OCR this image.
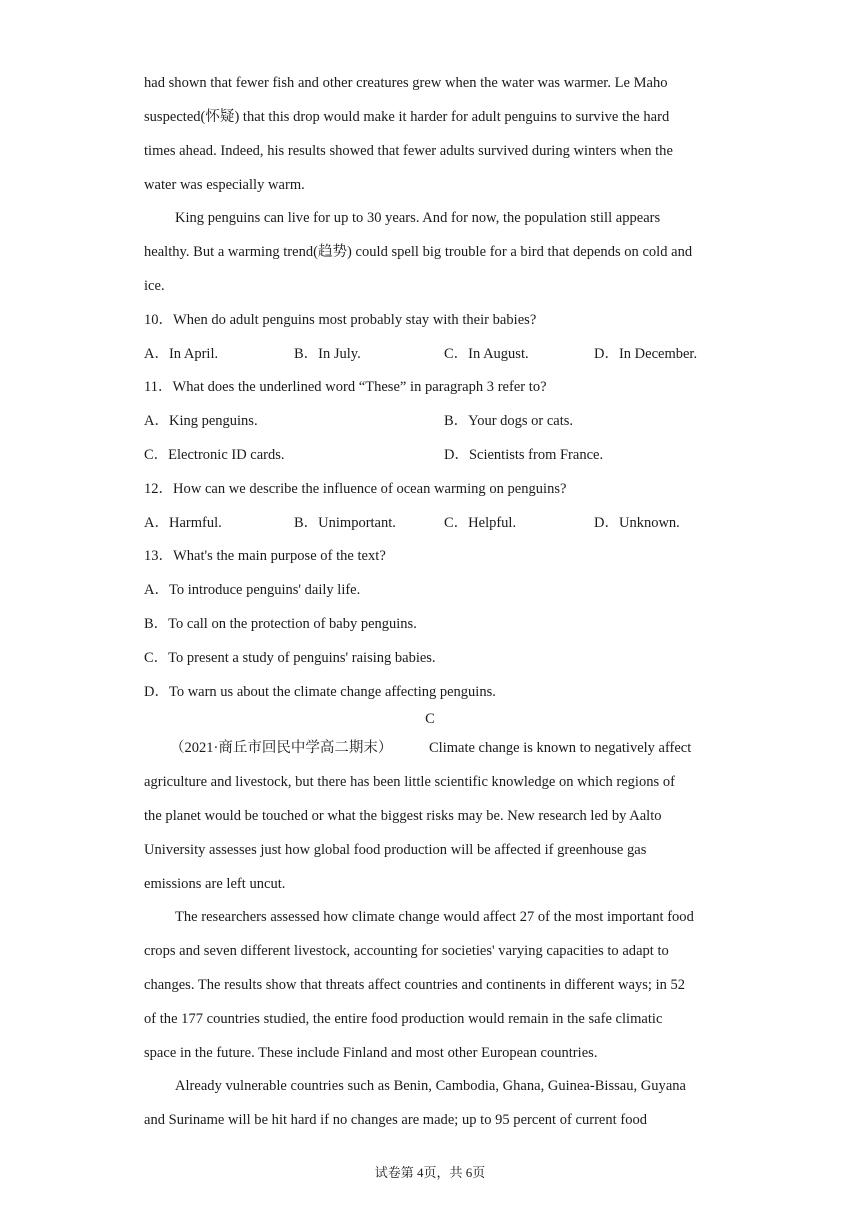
had shown that fewer fish and other creatures grew when the water was warmer. Le Maho
suspected(怀疑) that this drop would make it harder for adult penguins to survive the hard
times ahead. Indeed, his results showed that fewer adults survived during winters when the
water was especially warm.
King penguins can live for up to 30 years. And for now, the population still appears
healthy. But a warming trend(趋势) could spell big trouble for a bird that depends on cold and
ice.
10．When do adult penguins most probably stay with their babies?
A．In April.	B．In July.	C．In August.	D．In December.
11．What does the underlined word “These” in paragraph 3 refer to?
A．King penguins.	B．Your dogs or cats.
C．Electronic ID cards.	D．Scientists from France.
12．How can we describe the influence of ocean warming on penguins?
A．Harmful.	B．Unimportant.	C．Helpful.	D．Unknown.
13．What's the main purpose of the text?
A．To introduce penguins' daily life.
B．To call on the protection of baby penguins.
C．To present a study of penguins' raising babies.
D．To warn us about the climate change affecting penguins.
C
（2021·商丘市回民中学高二期末）	Climate change is known to negatively affect
agriculture and livestock, but there has been little scientific knowledge on which regions of
the planet would be touched or what the biggest risks may be. New research led by Aalto
University assesses just how global food production will be affected if greenhouse gas
emissions are left uncut.
The researchers assessed how climate change would affect 27 of the most important food
crops and seven different livestock, accounting for societies' varying capacities to adapt to
changes. The results show that threats affect countries and continents in different ways; in 52
of the 177 countries studied, the entire food production would remain in the safe climatic
space in the future. These include Finland and most other European countries.
Already vulnerable countries such as Benin, Cambodia, Ghana, Guinea-Bissau, Guyana
and Suriname will be hit hard if no changes are made; up to 95 percent of current food
试卷第 4页，共 6页
